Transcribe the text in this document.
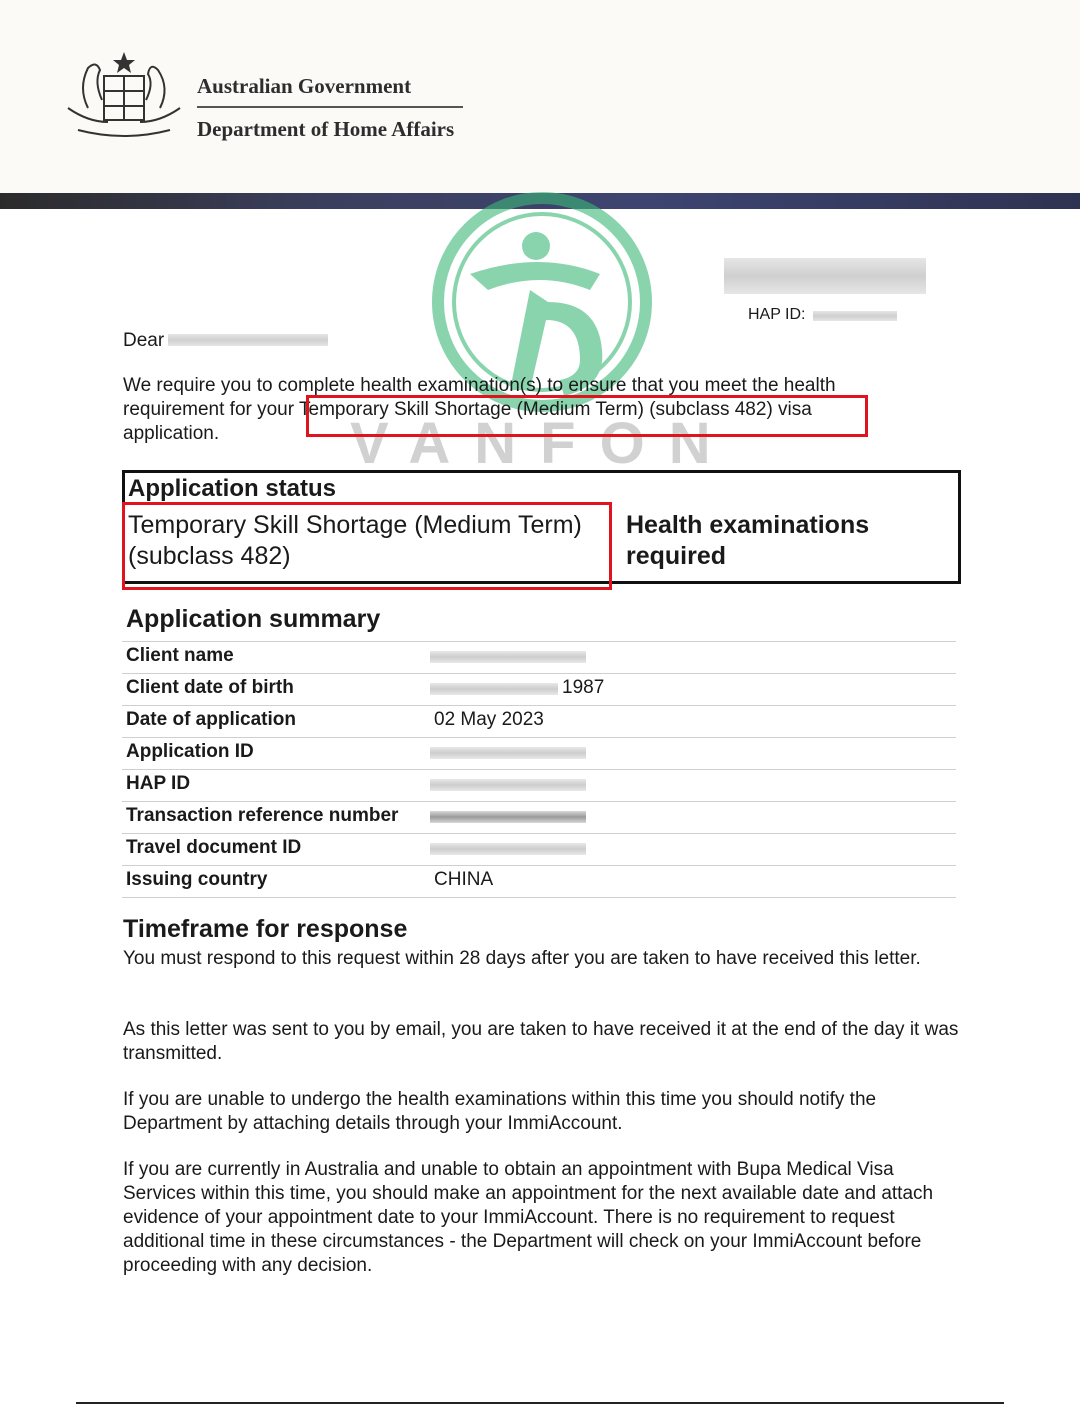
Australian Government
Department of Home Affairs
VANFON
HAP ID:
Dear
We require you to complete health examination(s) to ensure that you meet the health requirement for your Temporary Skill Shortage (Medium Term) (subclass 482) visa application.
Application status
Temporary Skill Shortage (Medium Term) (subclass 482)
Health examinations required
Application summary
Client name
Client date of birth	1987
Date of application	02 May 2023
Application ID
HAP ID
Transaction reference number
Travel document ID
Issuing country	CHINA
Timeframe for response
You must respond to this request within 28 days after you are taken to have received this letter.
As this letter was sent to you by email, you are taken to have received it at the end of the day it was transmitted.
If you are unable to undergo the health examinations within this time you should notify the Department by attaching details through your ImmiAccount.
If you are currently in Australia and unable to obtain an appointment with Bupa Medical Visa Services within this time, you should make an appointment for the next available date and attach evidence of your appointment date to your ImmiAccount. There is no requirement to request additional time in these circumstances - the Department will check on your ImmiAccount before proceeding with any decision.
